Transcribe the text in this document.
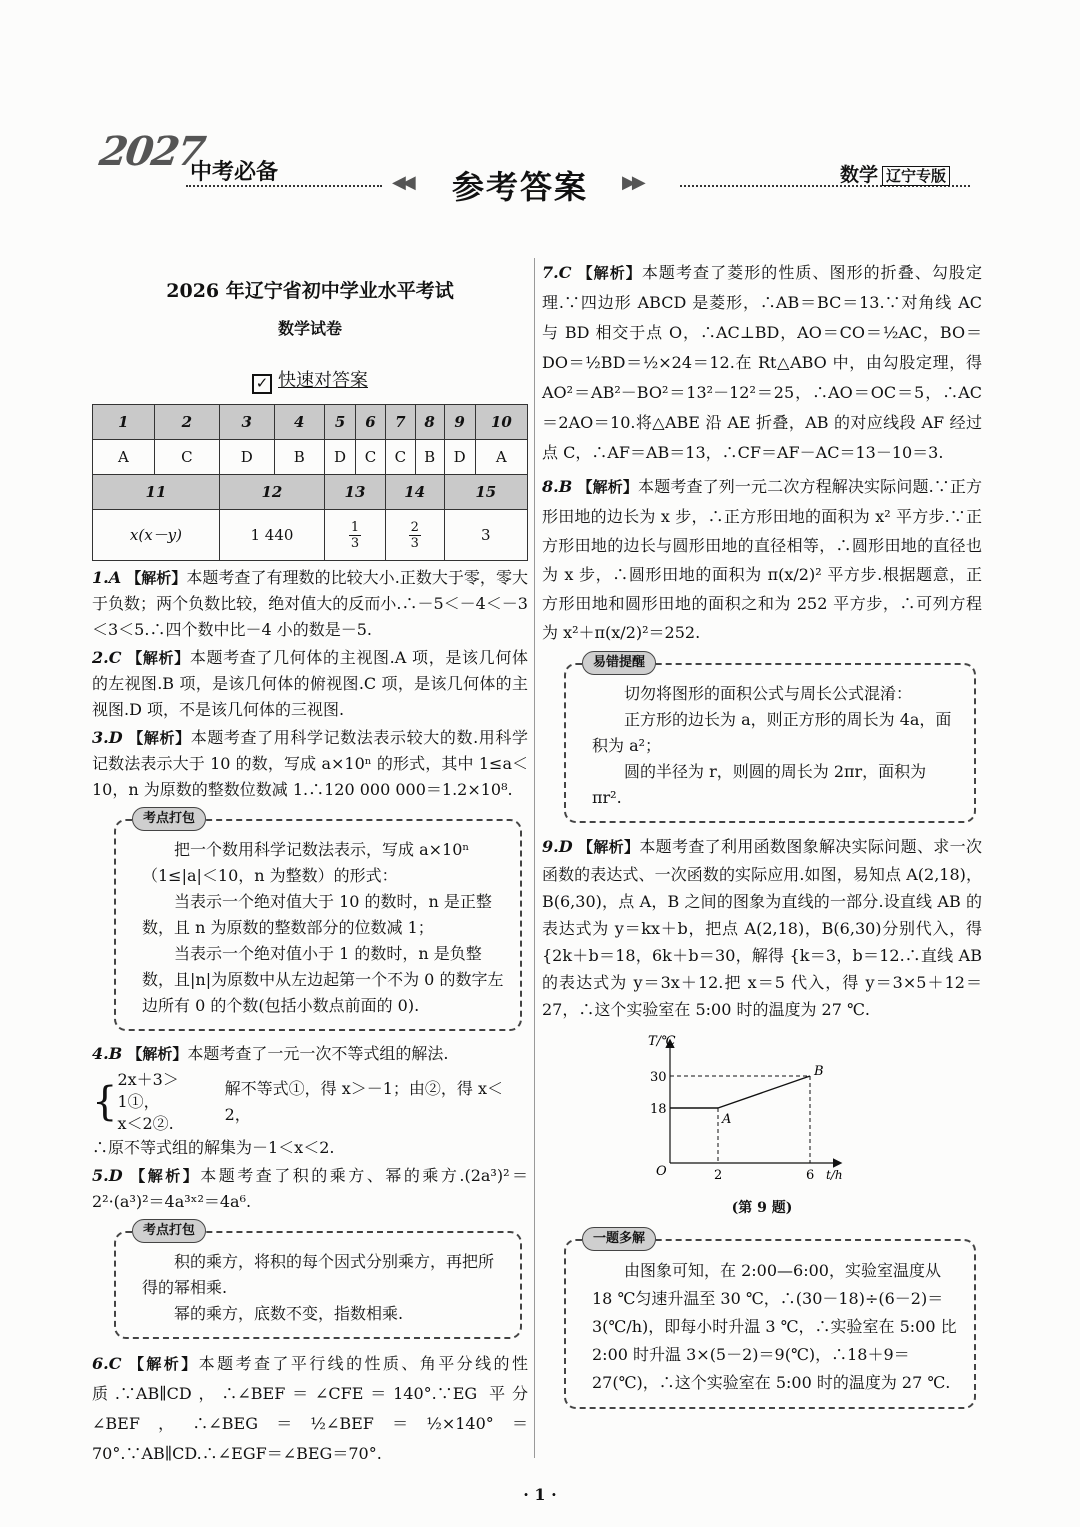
2027
中考必备	◀◀ 参考答案 ▶▶	数学 辽宁专版
2026 年辽宁省初中学业水平考试
数学试卷
✓ 快速对答案
1	2	3	4	5	6	7	8	9	10
A	C	D	B	D	C	C	B	D	A
11		12		13		14		15	
x(x－y)		1 440		$\frac{1}{3}$		$\frac{2}{3}$		3	

1.A 【解析】本题考查了有理数的比较大小.正数大于零，零大于负数；两个负数比较，绝对值大的反而小.∴－5＜－4＜－3＜3＜5.∴四个数中比－4 小的数是－5.

2.C 【解析】本题考查了几何体的主视图.A 项，是该几何体的左视图.B 项，是该几何体的俯视图.C 项，是该几何体的主视图.D 项，不是该几何体的三视图.

3.D 【解析】本题考查了用科学记数法表示较大的数.用科学记数法表示大于 10 的数，写成 a×10ⁿ 的形式，其中 1≤a＜10，n 为原数的整数位数减 1.∴120 000 000＝1.2×10⁸.

考点打包

把一个数用科学记数法表示，写成 a×10ⁿ（1≤|a|＜10，n 为整数）的形式：

当表示一个绝对值大于 10 的数时，n 是正整数，且 n 为原数的整数部分的位数减 1；

当表示一个绝对值小于 1 的数时，n 是负整数，且|n|为原数中从左边起第一个不为 0 的数字左边所有 0 的个数(包括小数点前面的 0).

4.B 【解析】本题考查了一元一次不等式组的解法.

{ 2x＋3＞1①，
x＜2②.
解不等式①，得 x＞－1；由②，得 x＜2，

∴原不等式组的解集为－1＜x＜2.

5.D 【解析】本题考查了积的乘方、幂的乘方.(2a³)²＝2²·(a³)²＝4a³ˣ²＝4a⁶.

考点打包

积的乘方，将积的每个因式分别乘方，再把所得的幂相乘.

幂的乘方，底数不变，指数相乘.

6.C 【解析】本题考查了平行线的性质、角平分线的性质.∵AB∥CD，∴∠BEF＝∠CFE＝140°.∵EG 平分∠BEF，∴∠BEG＝½∠BEF＝½×140°＝70°.∵AB∥CD.∴∠EGF＝∠BEG＝70°.

7.C 【解析】本题考查了菱形的性质、图形的折叠、勾股定理.∵四边形 ABCD 是菱形，∴AB＝BC＝13.∵对角线 AC 与 BD 相交于点 O，∴AC⊥BD，AO＝CO＝½AC，BO＝DO＝½BD＝½×24＝12.在 Rt△ABO 中，由勾股定理，得 AO²＝AB²－BO²＝13²－12²＝25，∴AO＝OC＝5，∴AC＝2AO＝10.将△ABE 沿 AE 折叠，AB 的对应线段 AF 经过点 C，∴AF＝AB＝13，∴CF＝AF－AC＝13－10＝3.

8.B 【解析】本题考查了列一元二次方程解决实际问题.∵正方形田地的边长为 x 步，∴正方形田地的面积为 x² 平方步.∵正方形田地的边长与圆形田地的直径相等，∴圆形田地的直径也为 x 步，∴圆形田地的面积为 π(x/2)² 平方步.根据题意，正方形田地和圆形田地的面积之和为 252 平方步，∴可列方程为 x²＋π(x/2)²＝252.

易错提醒

切勿将图形的面积公式与周长公式混淆：

正方形的边长为 a，则正方形的周长为 4a，面积为 a²；

圆的半径为 r，则圆的周长为 2πr，面积为 πr².

9.D 【解析】本题考查了利用函数图象解决实际问题、求一次函数的表达式、一次函数的实际应用.如图，易知点 A(2,18)，B(6,30)，点 A，B 之间的图象为直线的一部分.设直线 AB 的表达式为 y＝kx＋b，把点 A(2,18)，B(6,30)分别代入，得 {2k＋b＝18，6k＋b＝30，解得 {k＝3，b＝12.∴直线 AB 的表达式为 y＝3x＋12.把 x＝5 代入，得 y＝3×5＋12＝27，∴这个实验室在 5:00 时的温度为 27 ℃.

T/℃
t/h
O
18
30
2	6
A
B
(第 9 题)
一题多解

由图象可知，在 2:00—6:00，实验室温度从 18 ℃匀速升温至 30 ℃，∴(30－18)÷(6－2)＝3(℃/h)，即每小时升温 3 ℃，∴实验室在 5:00 比 2:00 时升温 3×(5－2)＝9(℃)，∴18＋9＝27(℃)，∴这个实验室在 5:00 时的温度为 27 ℃.

· 1 ·
